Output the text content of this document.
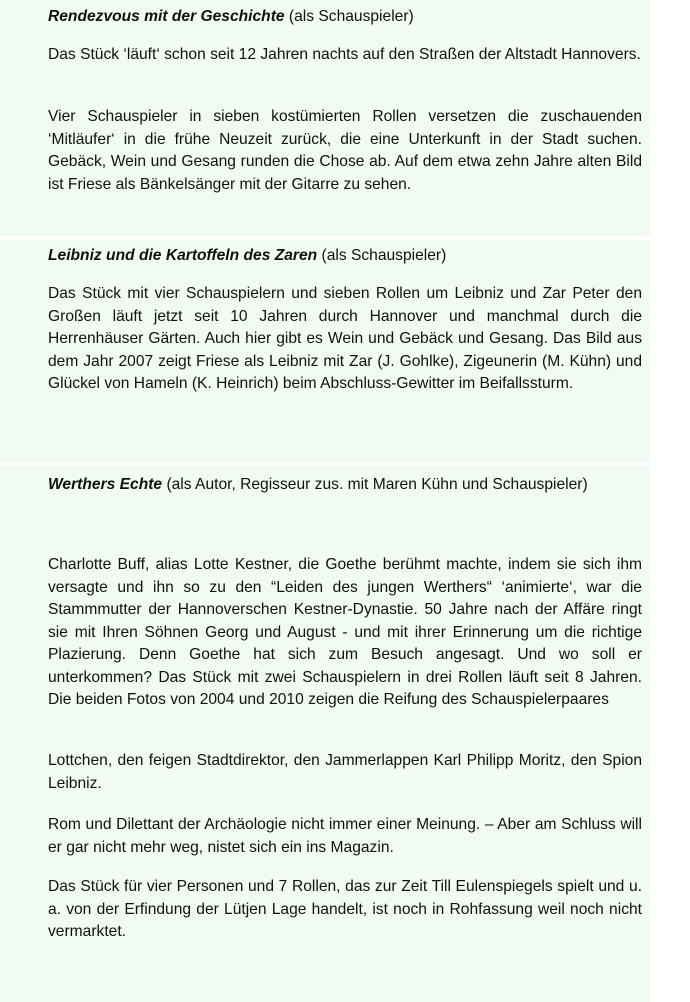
Rendezvous mit der Geschichte (als Schauspieler)

Das Stück ‘läuft‘ schon seit 12 Jahren nachts auf den Straßen der Altstadt Hannovers.

Vier Schauspieler in sieben kostümierten Rollen versetzen die zuschauenden ‘Mitläufer‘ in die frühe Neuzeit zurück, die eine Unterkunft in der Stadt suchen. Gebäck, Wein und Gesang runden die Chose ab. Auf dem etwa zehn Jahre alten Bild ist Friese als Bänkelsänger mit der Gitarre zu sehen.

Leibniz und die Kartoffeln des Zaren (als Schauspieler)

Das Stück mit vier Schauspielern und sieben Rollen um Leibniz und Zar Peter den Großen läuft jetzt seit 10 Jahren durch Hannover und manchmal durch die Herrenhäuser Gärten. Auch hier gibt es Wein und Gebäck und Gesang. Das Bild aus dem Jahr 2007 zeigt Friese als Leibniz mit Zar (J. Gohlke), Zigeunerin (M. Kühn) und Glückel von Hameln (K. Heinrich) beim Abschluss-Gewitter im Beifallssturm.

Werthers Echte (als Autor, Regisseur zus. mit Maren Kühn und Schauspieler)

Charlotte Buff, alias Lotte Kestner, die Goethe berühmt machte, indem sie sich ihm versagte und ihn so zu den “Leiden des jungen Werthers“ ‘animierte‘, war die Stammmutter der Hannoverschen Kestner-Dynastie. 50 Jahre nach der Affäre ringt sie mit Ihren Söhnen Georg und August - und mit ihrer Erinnerung um die richtige Plazierung. Denn Goethe hat sich zum Besuch angesagt. Und wo soll er unterkommen? Das Stück mit zwei Schauspielern in drei Rollen läuft seit 8 Jahren. Die beiden Fotos von 2004 und 2010 zeigen die Reifung des Schauspielerpaares

Lottchen, den feigen Stadtdirektor, den Jammerlappen Karl Philipp Moritz, den Spion Leibniz.

Rom und Dilettant der Archäologie nicht immer einer Meinung. – Aber am Schluss will er gar nicht mehr weg, nistet sich ein ins Magazin.

Das Stück für vier Personen und 7 Rollen, das zur Zeit Till Eulenspiegels spielt und u. a. von der Erfindung der Lütjen Lage handelt, ist noch in Rohfassung weil noch nicht vermarktet.
